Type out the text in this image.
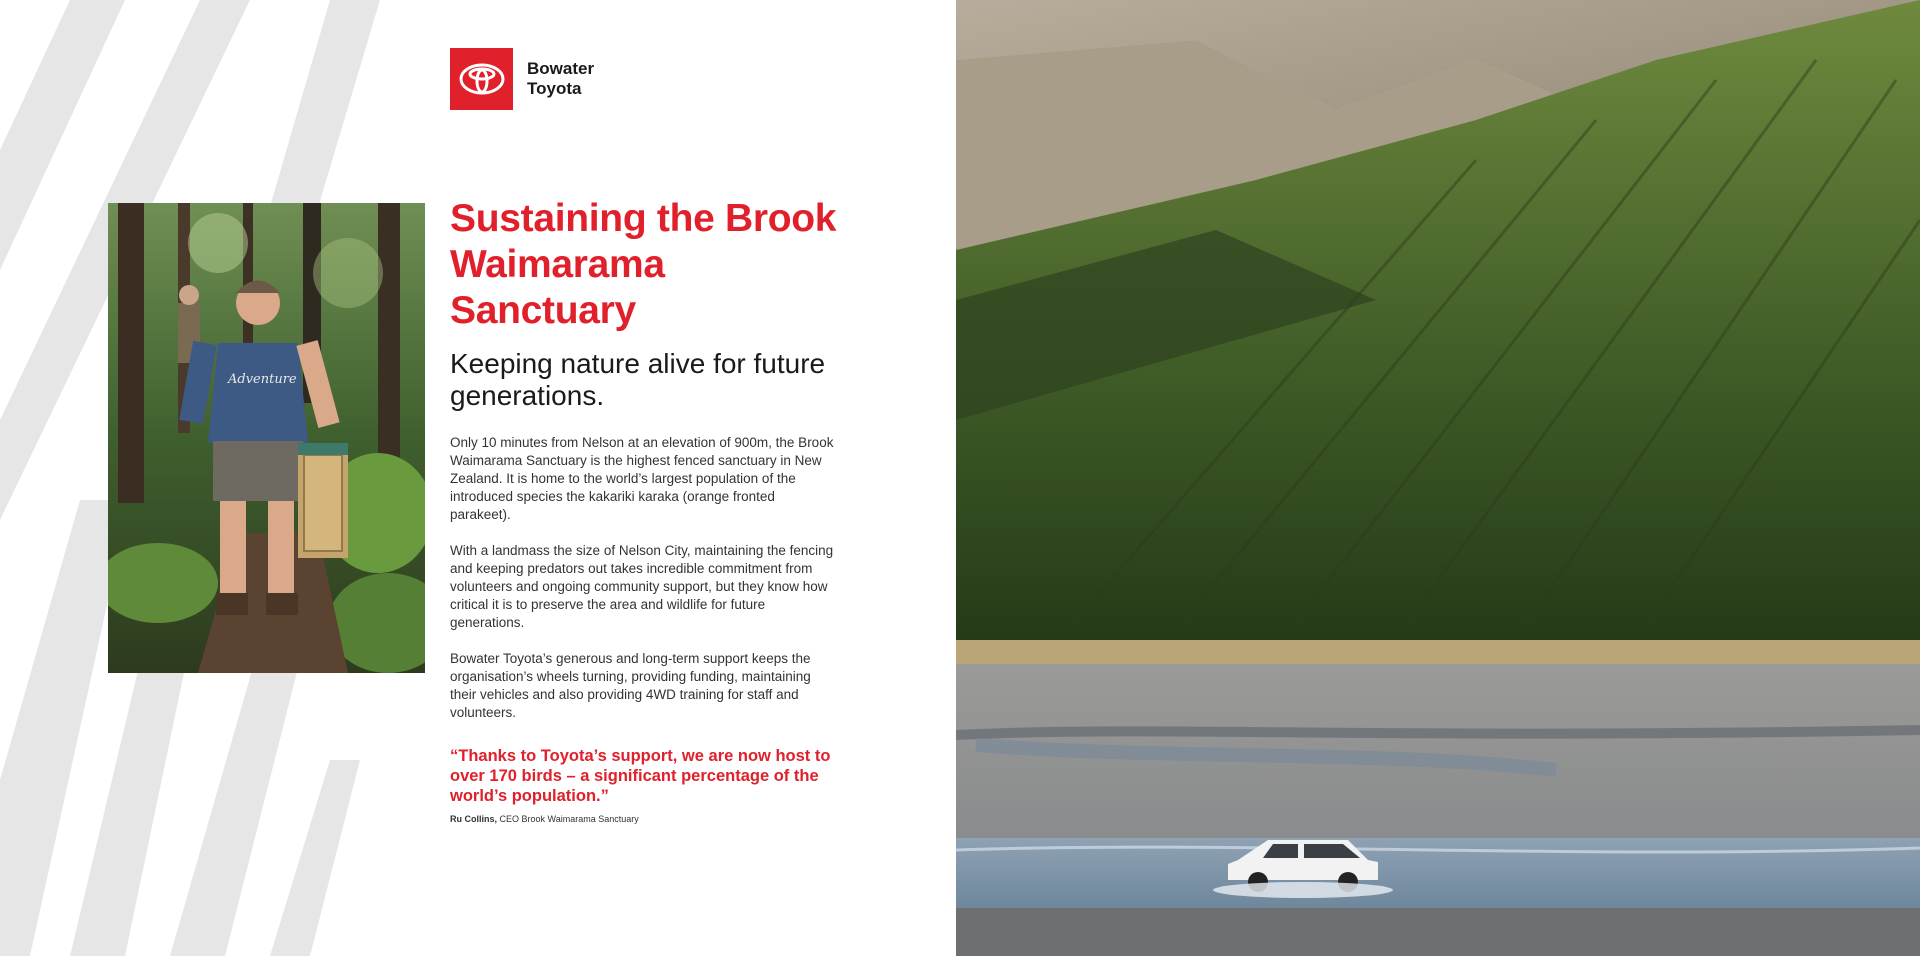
Bowater
Toyota
Adventure
Sustaining the Brook Waimarama Sanctuary
Keeping nature alive for future generations.

Only 10 minutes from Nelson at an elevation of 900m, the Brook Waimarama Sanctuary is the highest fenced sanctuary in New Zealand. It is home to the world’s largest population of the introduced species the kakariki karaka (orange fronted parakeet).

With a landmass the size of Nelson City, maintaining the fencing and keeping predators out takes incredible commitment from volunteers and ongoing community support, but they know how critical it is to preserve the area and wildlife for future generations.

Bowater Toyota’s generous and long-term support keeps the organisation’s wheels turning, providing funding, maintaining their vehicles and also providing 4WD training for staff and volunteers.

“Thanks to Toyota’s support, we are now host to over 170 birds – a significant percentage of the world’s population.”

Ru Collins, CEO Brook Waimarama Sanctuary
